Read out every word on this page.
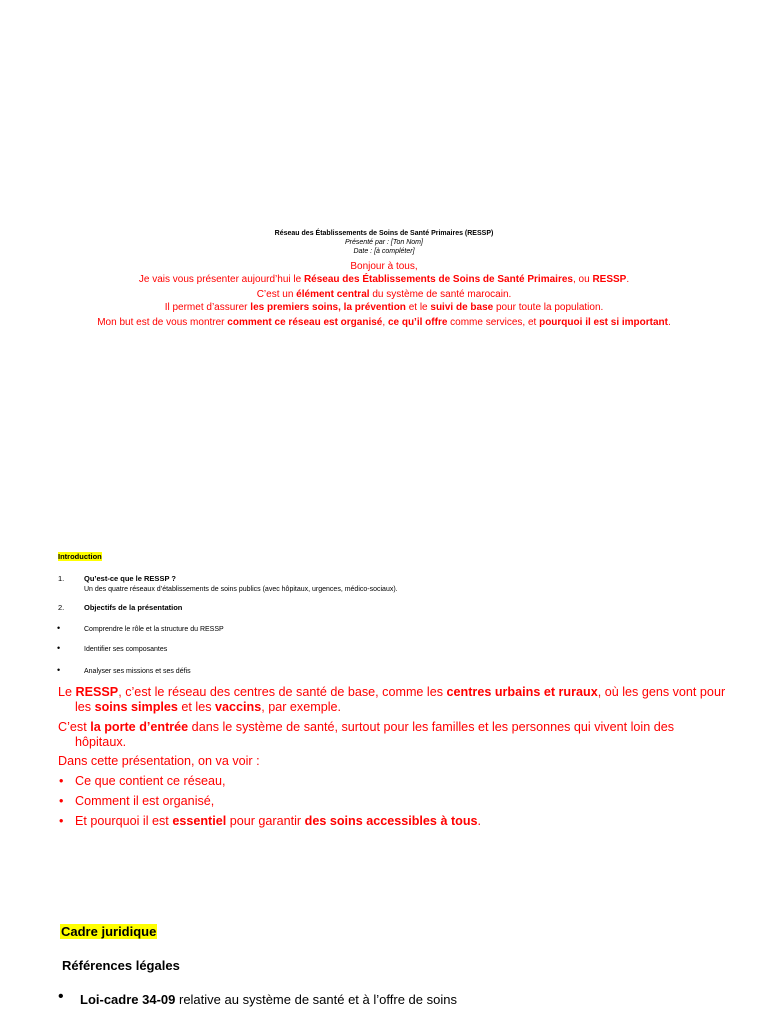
Réseau des Établissements de Soins de Santé Primaires (RESSP)
Présenté par : [Ton Nom]
Date : [à compléter]
Bonjour à tous,
Je vais vous présenter aujourd’hui le Réseau des Établissements de Soins de Santé Primaires, ou RESSP.
C’est un élément central du système de santé marocain.
Il permet d’assurer les premiers soins, la prévention et le suivi de base pour toute la population.
Mon but est de vous montrer comment ce réseau est organisé, ce qu’il offre comme services, et pourquoi il est si important.
Introduction
1.	Qu’est-ce que le RESSP ?
Un des quatre réseaux d’établissements de soins publics (avec hôpitaux, urgences, médico-sociaux).
2.	Objectifs de la présentation
•	Comprendre le rôle et la structure du RESSP
•	Identifier ses composantes
•	Analyser ses missions et ses défis
Le RESSP, c’est le réseau des centres de santé de base, comme les centres urbains et ruraux, où les gens vont pour
les soins simples et les vaccins, par exemple.
C’est la porte d’entrée dans le système de santé, surtout pour les familles et les personnes qui vivent loin des
hôpitaux.
Dans cette présentation, on va voir :
• Ce que contient ce réseau,
• Comment il est organisé,
• Et pourquoi il est essentiel pour garantir des soins accessibles à tous.
Cadre juridique
Références légales
• Loi-cadre 34-09 relative au système de santé et à l’offre de soins
